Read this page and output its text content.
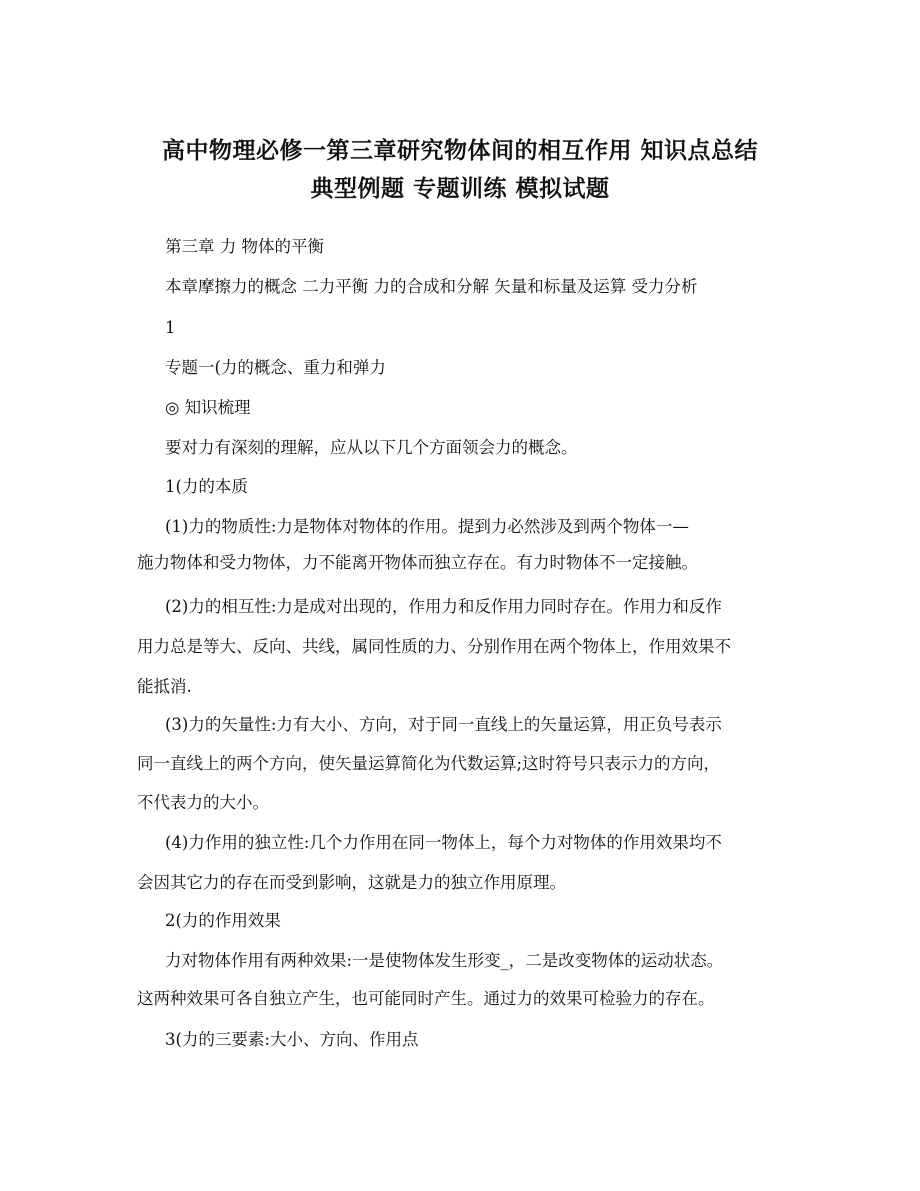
高中物理必修一第三章研究物体间的相互作用 知识点总结
典型例题 专题训练 模拟试题
第三章 力 物体的平衡
本章摩擦力的概念 二力平衡 力的合成和分解 矢量和标量及运算 受力分析
1
专题一(力的概念、重力和弹力
◎ 知识梳理
要对力有深刻的理解，应从以下几个方面领会力的概念。
1(力的本质
(1)力的物质性:力是物体对物体的作用。提到力必然涉及到两个物体一—
施力物体和受力物体，力不能离开物体而独立存在。有力时物体不一定接触。
(2)力的相互性:力是成对出现的，作用力和反作用力同时存在。作用力和反作
用力总是等大、反向、共线，属同性质的力、分别作用在两个物体上，作用效果不
能抵消.
(3)力的矢量性:力有大小、方向，对于同一直线上的矢量运算，用正负号表示
同一直线上的两个方向，使矢量运算简化为代数运算;这时符号只表示力的方向，
不代表力的大小。
(4)力作用的独立性:几个力作用在同一物体上，每个力对物体的作用效果均不
会因其它力的存在而受到影响，这就是力的独立作用原理。
2(力的作用效果
力对物体作用有两种效果:一是使物体发生形变_，二是改变物体的运动状态。
这两种效果可各自独立产生，也可能同时产生。通过力的效果可检验力的存在。
3(力的三要素:大小、方向、作用点
